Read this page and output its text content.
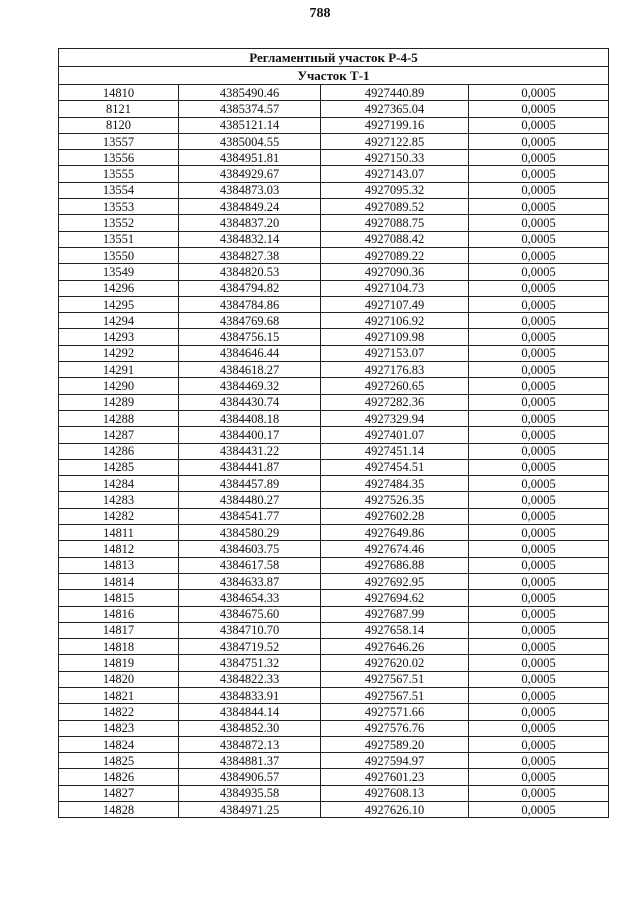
788
Регламентный участок Р-4-5			
Участок Т-1			
14810	4385490.46	4927440.89	0,0005
8121	4385374.57	4927365.04	0,0005
8120	4385121.14	4927199.16	0,0005
13557	4385004.55	4927122.85	0,0005
13556	4384951.81	4927150.33	0,0005
13555	4384929.67	4927143.07	0,0005
13554	4384873.03	4927095.32	0,0005
13553	4384849.24	4927089.52	0,0005
13552	4384837.20	4927088.75	0,0005
13551	4384832.14	4927088.42	0,0005
13550	4384827.38	4927089.22	0,0005
13549	4384820.53	4927090.36	0,0005
14296	4384794.82	4927104.73	0,0005
14295	4384784.86	4927107.49	0,0005
14294	4384769.68	4927106.92	0,0005
14293	4384756.15	4927109.98	0,0005
14292	4384646.44	4927153.07	0,0005
14291	4384618.27	4927176.83	0,0005
14290	4384469.32	4927260.65	0,0005
14289	4384430.74	4927282.36	0,0005
14288	4384408.18	4927329.94	0,0005
14287	4384400.17	4927401.07	0,0005
14286	4384431.22	4927451.14	0,0005
14285	4384441.87	4927454.51	0,0005
14284	4384457.89	4927484.35	0,0005
14283	4384480.27	4927526.35	0,0005
14282	4384541.77	4927602.28	0,0005
14811	4384580.29	4927649.86	0,0005
14812	4384603.75	4927674.46	0,0005
14813	4384617.58	4927686.88	0,0005
14814	4384633.87	4927692.95	0,0005
14815	4384654.33	4927694.62	0,0005
14816	4384675.60	4927687.99	0,0005
14817	4384710.70	4927658.14	0,0005
14818	4384719.52	4927646.26	0,0005
14819	4384751.32	4927620.02	0,0005
14820	4384822.33	4927567.51	0,0005
14821	4384833.91	4927567.51	0,0005
14822	4384844.14	4927571.66	0,0005
14823	4384852.30	4927576.76	0,0005
14824	4384872.13	4927589.20	0,0005
14825	4384881.37	4927594.97	0,0005
14826	4384906.57	4927601.23	0,0005
14827	4384935.58	4927608.13	0,0005
14828	4384971.25	4927626.10	0,0005
